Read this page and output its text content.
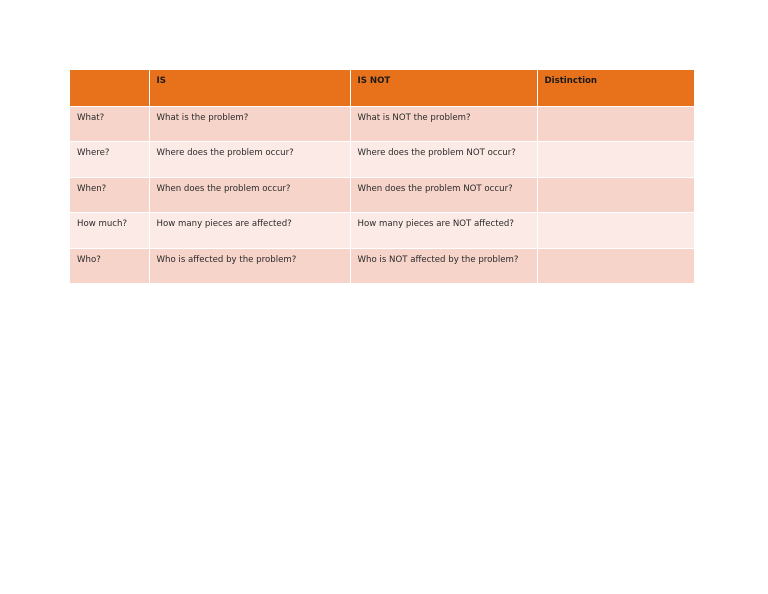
	IS	IS NOT	Distinction
What?	What is the problem?	What is NOT the problem?	
Where?	Where does the problem occur?	Where does the problem NOT occur?	
When?	When does the problem occur?	When does the problem NOT occur?	
How much?	How many pieces are affected?	How many pieces are NOT affected?	
Who?	Who is affected by the problem?	Who is NOT affected by the problem?	
